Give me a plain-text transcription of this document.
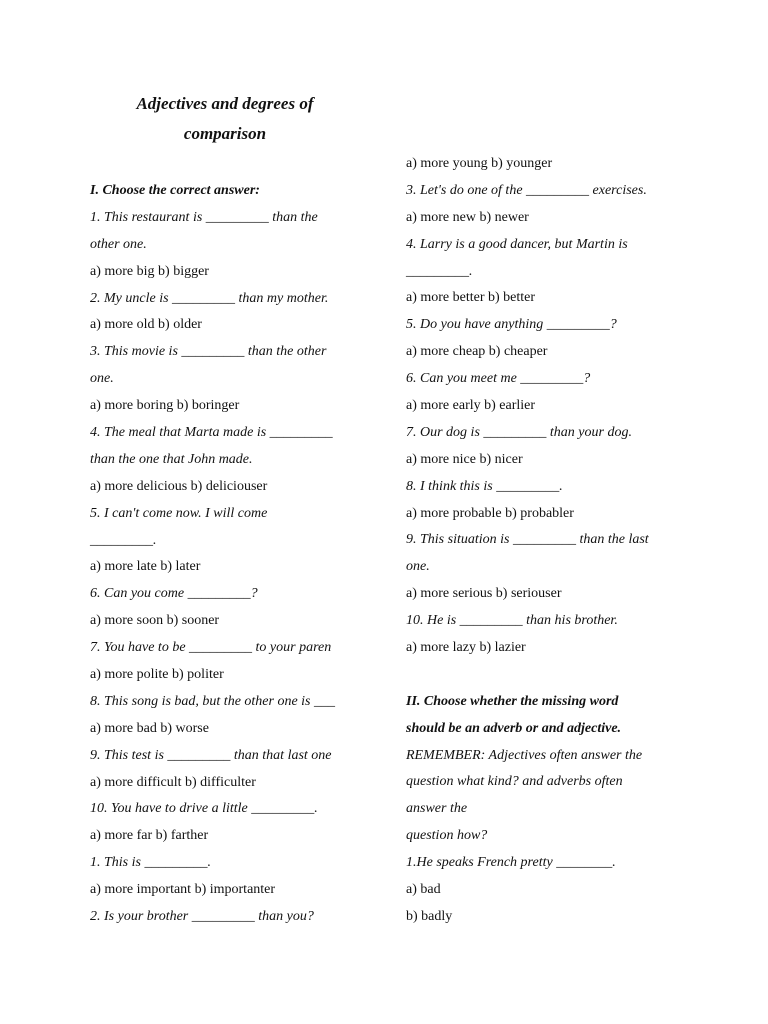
Adjectives and degrees of
comparison
I. Choose the correct answer:
1. This restaurant is _________ than the
other one.
a) more big b) bigger
2. My uncle is _________ than my mother.
a) more old b) older
3. This movie is _________ than the other
one.
a) more boring b) boringer
4. The meal that Marta made is _________
than the one that John made.
a) more delicious b) deliciouser
5. I can't come now. I will come
_________.
a) more late b) later
6. Can you come _________?
a) more soon b) sooner
7. You have to be _________ to your paren
a) more polite b) politer
8. This song is bad, but the other one is ___
a) more bad b) worse
9. This test is _________ than that last one
a) more difficult b) difficulter
10. You have to drive a little _________.
a) more far b) farther
1. This is _________.
a) more important b) importanter
2. Is your brother _________ than you?
a) more young b) younger
3. Let's do one of the _________ exercises.
a) more new b) newer
4. Larry is a good dancer, but Martin is
_________.
a) more better b) better
5. Do you have anything _________?
a) more cheap b) cheaper
6. Can you meet me _________?
a) more early b) earlier
7. Our dog is _________ than your dog.
a) more nice b) nicer
8. I think this is _________.
a) more probable b) probabler
9. This situation is _________ than the last
one.
a) more serious b) seriouser
10. He is _________ than his brother.
a) more lazy b) lazier
II. Choose whether the missing word
should be an adverb or and adjective.
REMEMBER: Adjectives often answer the
question what kind? and adverbs often
answer the
question how?
1.He speaks French pretty ________.
a) bad
b) badly
